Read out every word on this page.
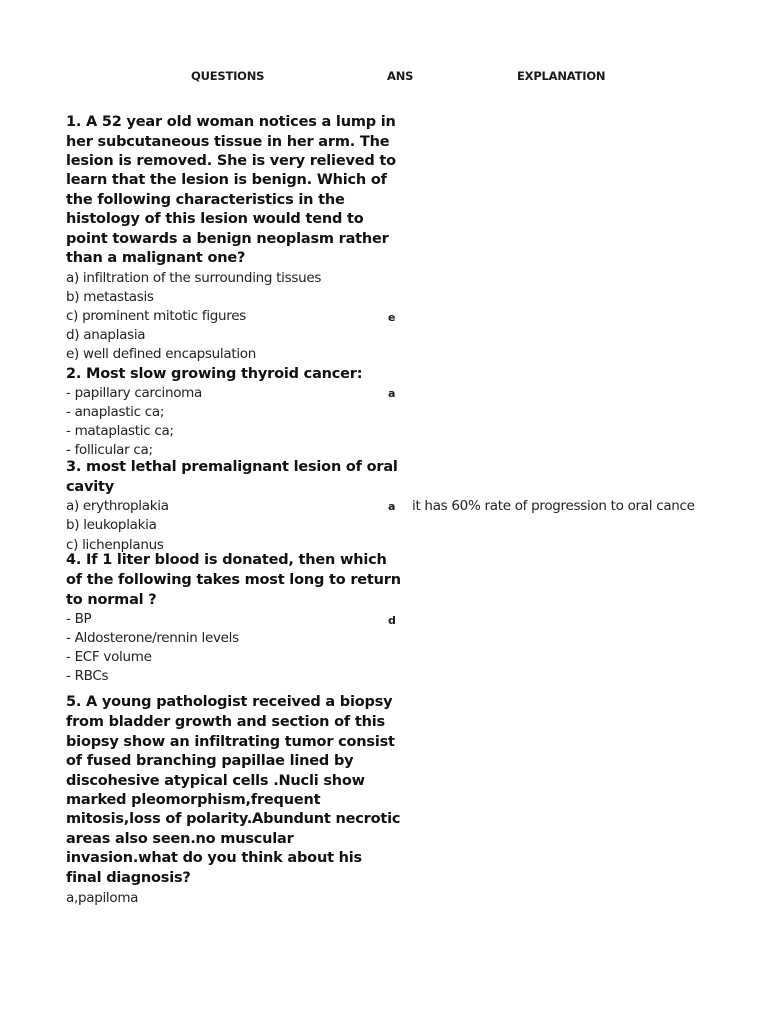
QUESTIONS	ANS	EXPLANATION
1. A 52 year old woman notices a lump in
her subcutaneous tissue in her arm. The
lesion is removed. She is very relieved to
learn that the lesion is benign. Which of
the following characteristics in the
histology of this lesion would tend to
point towards a benign neoplasm rather
than a malignant one?
a) infiltration of the surrounding tissues
b) metastasis
c) prominent mitotic figures
d) anaplasia
e) well defined encapsulation
e
2. Most slow growing thyroid cancer:
- papillary carcinoma
- anaplastic ca;
- mataplastic ca;
- follicular ca;
a
3. most lethal premalignant lesion of oral
cavity
a) erythroplakia
b) leukoplakia
c) lichenplanus
a it has 60% rate of progression to oral cance
4. If 1 liter blood is donated, then which
of the following takes most long to return
to normal ?
- BP
- Aldosterone/rennin levels
- ECF volume
- RBCs
d
5. A young pathologist received a biopsy
from bladder growth and section of this
biopsy show an infiltrating tumor consist
of fused branching papillae lined by
discohesive atypical cells .Nucli show
marked pleomorphism,frequent
mitosis,loss of polarity.Abundunt necrotic
areas also seen.no muscular
invasion.what do you think about his
final diagnosis?
a,papiloma
